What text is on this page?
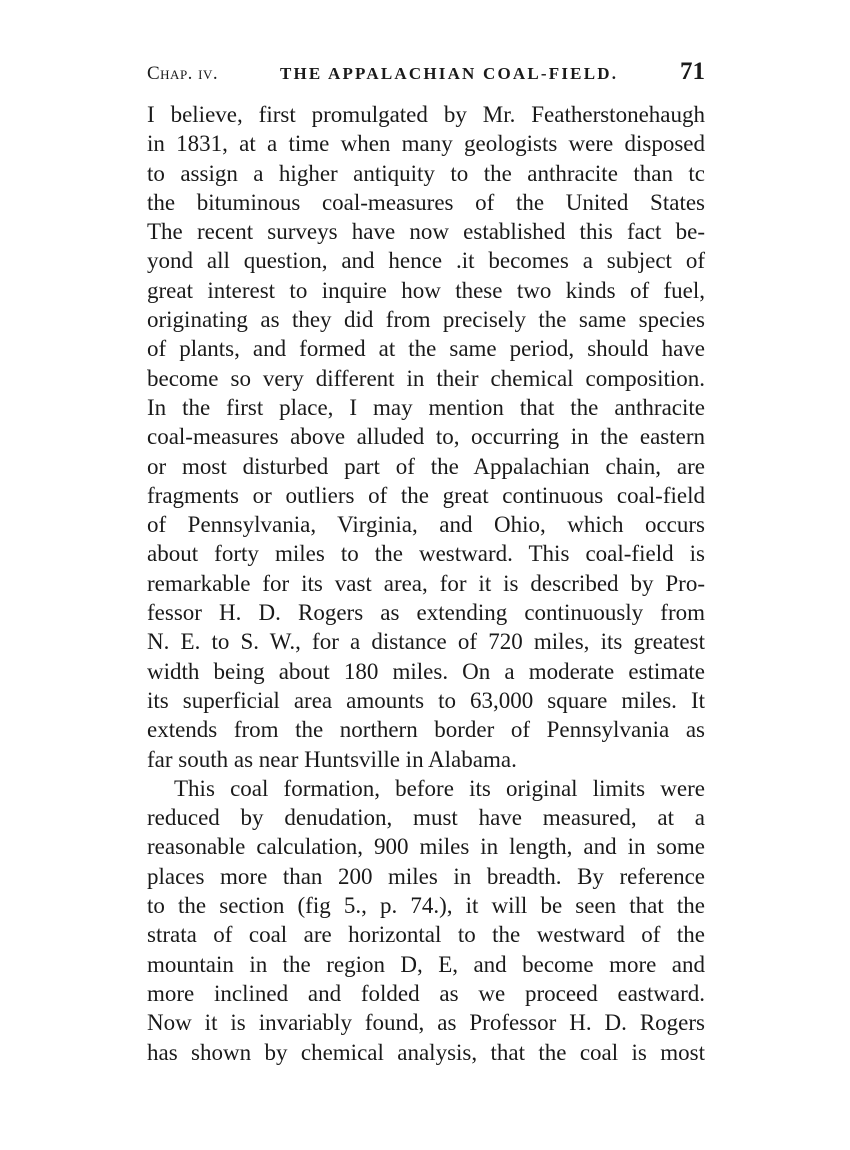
Chap. iv.	THE APPALACHIAN COAL-FIELD. 71
I believe, first promulgated by Mr. Featherstonehaugh
in 1831, at a time when many geologists were disposed
to assign a higher antiquity to the anthracite than tc
the bituminous coal-measures of the United States
The recent surveys have now established this fact be-
yond all question, and hence .it becomes a subject of
great interest to inquire how these two kinds of fuel,
originating as they did from precisely the same species
of plants, and formed at the same period, should have
become so very different in their chemical composition.
In the first place, I may mention that the anthracite
coal-measures above alluded to, occurring in the eastern
or most disturbed part of the Appalachian chain, are
fragments or outliers of the great continuous coal-field
of Pennsylvania, Virginia, and Ohio, which occurs
about forty miles to the westward. This coal-field is
remarkable for its vast area, for it is described by Pro-
fessor H. D. Rogers as extending continuously from
N. E. to S. W., for a distance of 720 miles, its greatest
width being about 180 miles. On a moderate estimate
its superficial area amounts to 63,000 square miles. It
extends from the northern border of Pennsylvania as
far south as near Huntsville in Alabama.
This coal formation, before its original limits were
reduced by denudation, must have measured, at a
reasonable calculation, 900 miles in length, and in some
places more than 200 miles in breadth. By reference
to the section (fig 5., p. 74.), it will be seen that the
strata of coal are horizontal to the westward of the
mountain in the region D, E, and become more and
more inclined and folded as we proceed eastward.
Now it is invariably found, as Professor H. D. Rogers
has shown by chemical analysis, that the coal is most
